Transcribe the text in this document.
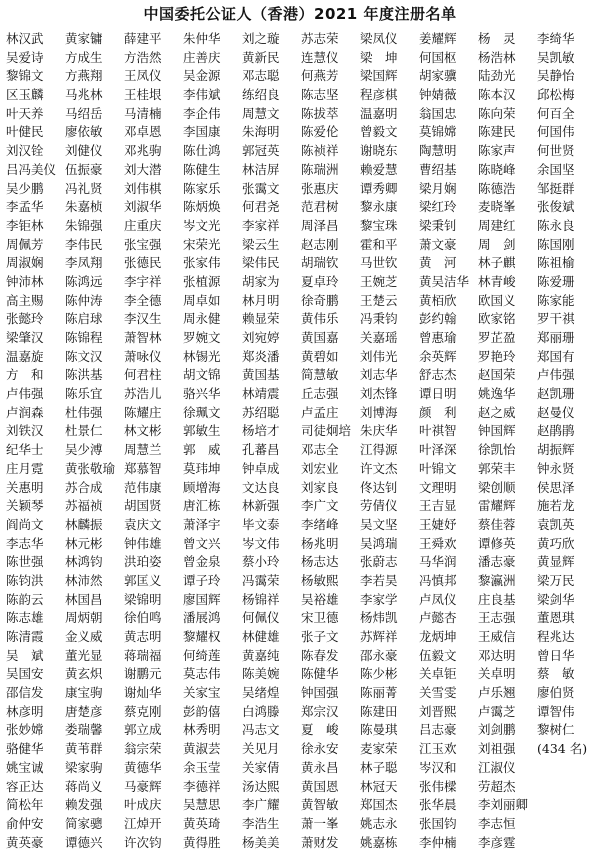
中国委托公证人（香港）2021 年度注册名单
林汉武	黄家镛	薛建平	朱仲华	刘之璇	苏志荣	梁凤仪	姜耀辉	杨　灵	李绮华
吴爱诗	方成生	方浩然	庄善庆	黄新民	连慧仪	梁　坤	何国枢	杨浩林	吴凯敏
黎锦文	方燕翔	王凤仪	吴金源	邓志聪	何燕芳	梁国辉	胡家骥	陆劲光	吴静怡
区玉麟	马兆林	王桂垠	李伟斌	练绍良	陈志坚	程彦棋	钟婧薇	陈本汉	邱松梅
叶天养	马绍岳	马清楠	李企伟	周慧文	陈拔萃	温嘉明	翁国忠	陈向荣	何百全
叶健民	廖依敏	邓卓恩	李国康	朱海明	陈爱伦	曾毅文	莫锦嫦	陈建民	何国伟
刘汉铨	刘健仪	邓兆驹	陈仕鸿	郭冠英	陈祯祥	谢晓东	陶慧明	陈家声	何世贤
吕冯美仪 伍振豪	刘大潜	陈健生	林洁屏	陈瑞洲	赖爱慧	曹绍基	陈晓峰	余国坚
吴少鹏	冯礼贤	刘伟棋	陈家乐	张霭文	张惠庆	谭秀卿	梁月娴	陈德浩	邹挺群
李孟华	朱嘉桢	刘淑华	陈炳焕	何君尧	范君树	黎永康	梁红玲	麦晓峯	张俊斌
李钜林	朱锦强	庄重庆	岑文光	李家祥	周泽昌	黎宝珠	梁秉钊	周建红	陈永良
周佩芳	李伟民	张宝强	宋荣光	梁云生	赵志刚	霍和平	萧文豪	周　剑	陈国刚
周淑娴	李凤翔	张德民	张家伟	梁伟民	胡瑞钦	马世钦	黄　河	林子麒	陈祖榆
钟沛林	陈鸿远	李宇祥	张植源	胡家为	夏卓玲	王婉芝	黄吴洁华 林青峻	陈爱珊
高主赐	陈仲涛	李全德	周卓如	林月明	徐奇鹏	王楚云	黄栢欣	欧国义	陈家能
张懿玲	陈启球	李汉生	周永健	赖显荣	黄伟乐	冯秉钧	彭约翰	欧家铭	罗干祺
梁肇汉	陈锦程	萧智林	罗婉文	刘宛婷	黄国嘉	关嘉瑶	曾惠瑜	罗芷盈	郑丽珊
温嘉旋	陈文汉	萧咏仪	林锡光	郑炎潘	黄碧如	刘伟光	余英辉	罗艳玲	郑国有
方　和	陈洪基	何君柱	胡文锦	黄国基	简慧敏	刘志华	舒志杰	赵国荣	卢伟强
卢伟强	陈乐宜	苏浩儿	骆兴华	林靖震	丘志强	刘杰锋	谭日明	姚逸华	赵凯珊
卢润森	杜伟强	陈耀庄	徐珮文	苏绍聪	卢孟庄	刘博海	颜　利	赵之威	赵曼仪
刘铁汉	杜景仁	林文彬	郭敏生	杨培才	司徒炯培 朱庆华	叶祺智	钟国辉	赵鹃鹃
纪华士	吴少溥	周慧兰	郭　威	孔蕃昌	邓志全	江得源	叶泽深	徐凯怡	胡振辉
庄月霓	黄张敬瑜 郑慕智	莫玮坤	钟卓成	刘宏业	许文杰	叶锦文	郭荣丰	钟永贤
关惠明	苏合成	范伟康	顾增海	文达良	刘家良	佟达钊	文理明	梁创顺	侯思泽
关颖琴	苏福祯	胡国贤	唐汇栋	林新强	李广文	劳倩仪	王吉显	雷耀辉	施若龙
阎尚文	林麟振	袁庆文	萧泽宇	毕文泰	李绪峰	吴文坚	王婕妤	蔡佳蓉	袁凯英
李志华	林元彬	钟伟雄	曾文兴	岑文伟	杨兆明	吴鸿瑞	王舜欢	谭修英	黄巧欣
陈世强	林鸿钧	洪珀姿	曾金泉	蔡小玲	杨志达	张蔚志	马华润	潘志豪	黄显辉
陈钧洪	林沛然	郭匡义	谭子玲	冯霭荣	杨敏熙	李若昊	冯慎邦	黎瀛洲	梁万民
陈韵云	林国昌	梁锦明	廖国辉	杨锦祥	吴裕雄	李家学	卢凤仪	庄良基	梁剑华
陈志雄	周炳朝	徐伯鸣	潘展鸿	何佩仪	宋卫德	杨炜凯	卢懿杏	王志强	董恩琪
陈清霞	金义威	黄志明	黎耀权	林健雄	张子文	苏辉祥	龙炳坤	王威信	程兆达
吴　斌	董光显	蒋瑞福	何绮莲	黄嘉纯	陈春发	邵永豪	伍毅文	邓达明	曾日华
吴国安	黄玄炽	谢鹏元	莫志伟	陈美婉	陈健华	陈少彬	关卓钜	关卓明	蔡　敏
邵信发	康宝驹	谢灿华	关家宝	吴绪煌	钟国强	陈丽菁	关雪雯	卢乐翘	廖伯贤
林彦明	唐楚彦	蔡克刚	彭韵僖	白鸿滕	郑宗汉	陈建田	刘晋熙	卢霭芝	谭智伟
张妙嫦	娄瑞馨	郭立成	林秀明	冯志文	夏　峻	陈曼琪	吕志豪	刘剑鹏	黎树仁
骆健华	黄苇群	翁宗荣	黄淑芸	关见月	徐永安	麦家荣	江玉欢	刘祖强	(434 名)
姚宝诚	梁家驹	黄德华	余玉莹	关家倩	黄永昌	林子聪	岑汉和	江淑仪
容正达	蒋尚义	马豪辉	李德祥	汤达熙	黄国恩	林冠天	张伟樑	劳超杰
简松年	赖发强	叶成庆	吴慧思	李广耀	黄智敏	郑国杰	张华晨	李刘丽卿
俞仲安	简家骢	江焯开	黄英琦	李浩生	萧一峯	姚志永	张国钧	李志恒
黄英豪	谭德兴	许次钧	黄得胜	杨美美	萧财发	姚嘉栋	李仲楠	李彦霆
